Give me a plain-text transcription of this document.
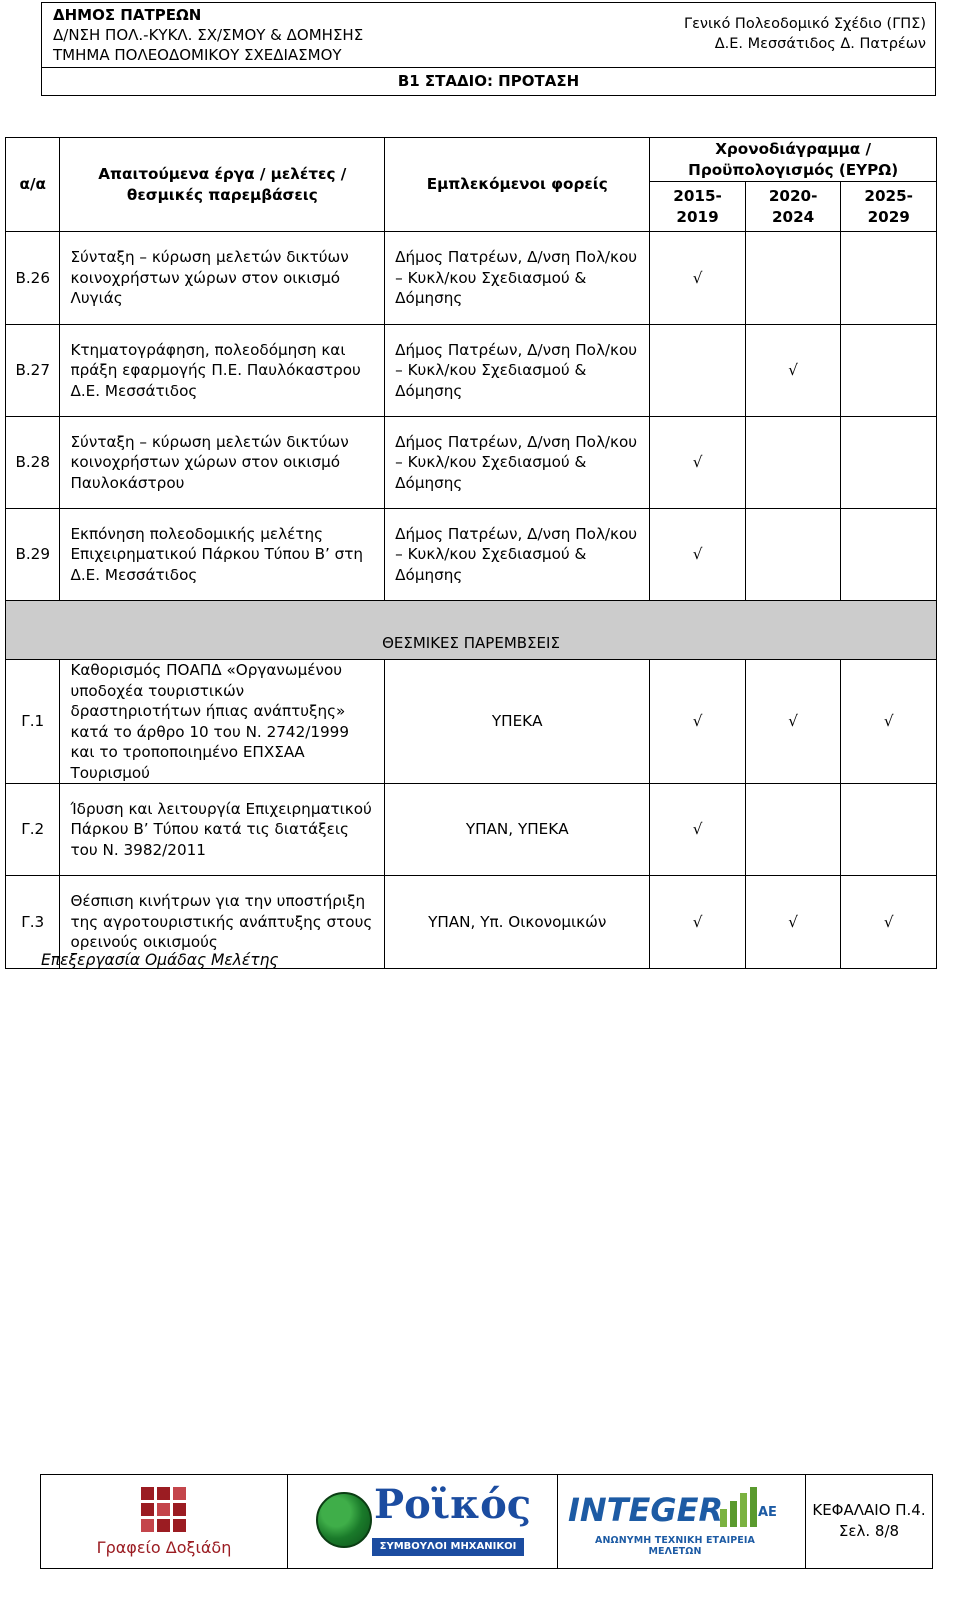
ΔΗΜΟΣ ΠΑΤΡΕΩΝ
Δ/ΝΣΗ ΠΟΛ.-ΚΥΚΛ. ΣΧ/ΣΜΟΥ & ΔΟΜΗΣΗΣ
ΤΜΗΜΑ ΠΟΛΕΟΔΟΜΙΚΟΥ ΣΧΕΔΙΑΣΜΟΥ
Γενικό Πολεοδομικό Σχέδιο (ΓΠΣ)
Δ.Ε. Μεσσάτιδος Δ. Πατρέων
Β1 ΣΤΑΔΙΟ: ΠΡΟΤΑΣΗ
α/α	Απαιτούμενα έργα / μελέτες / θεσμικές παρεμβάσεις	Εμπλεκόμενοι φορείς	Χρονοδιάγραμμα / Προϋπολογισμός (ΕΥΡΩ)		
			2015-2019	2020-2024	2025-2029
Β.26	Σύνταξη – κύρωση μελετών δικτύων κοινοχρήστων χώρων στον οικισμό Λυγιάς	Δήμος Πατρέων, Δ/νση Πολ/κου – Κυκλ/κου Σχεδιασμού & Δόμησης	√		
Β.27	Κτηματογράφηση, πολεοδόμηση και πράξη εφαρμογής Π.Ε. Παυλόκαστρου Δ.Ε. Μεσσάτιδος	Δήμος Πατρέων, Δ/νση Πολ/κου – Κυκλ/κου Σχεδιασμού & Δόμησης		√	
Β.28	Σύνταξη – κύρωση μελετών δικτύων κοινοχρήστων χώρων στον οικισμό Παυλοκάστρου	Δήμος Πατρέων, Δ/νση Πολ/κου – Κυκλ/κου Σχεδιασμού & Δόμησης	√		
Β.29	Εκπόνηση πολεοδομικής μελέτης Επιχειρηματικού Πάρκου Τύπου Β’ στη Δ.Ε. Μεσσάτιδος	Δήμος Πατρέων, Δ/νση Πολ/κου – Κυκλ/κου Σχεδιασμού & Δόμησης	√		
ΘΕΣΜΙΚΕΣ ΠΑΡΕΜΒΣΕΙΣ					
Γ.1	Καθορισμός ΠΟΑΠΔ «Οργανωμένου υποδοχέα τουριστικών δραστηριοτήτων ήπιας ανάπτυξης» κατά το άρθρο 10 του Ν. 2742/1999 και το τροποποιημένο ΕΠΧΣΑΑ Τουρισμού	ΥΠΕΚΑ	√	√	√
Γ.2	Ίδρυση και λειτουργία Επιχειρηματικού Πάρκου Β’ Τύπου κατά τις διατάξεις του Ν. 3982/2011	ΥΠΑΝ, ΥΠΕΚΑ	√		
Γ.3	Θέσπιση κινήτρων για την υποστήριξη της αγροτουριστικής ανάπτυξης στους ορεινούς οικισμούς	ΥΠΑΝ, Υπ. Οικονομικών	√	√	√
Επεξεργασία Ομάδας Μελέτης
Γραφείο Δοξιάδη
Ροϊκός
ΣΥΜΒΟΥΛΟΙ ΜΗΧΑΝΙΚΟΙ Α.Ε.
INTEGER	ΑΕ
ΑΝΩΝΥΜΗ ΤΕΧΝΙΚΗ ΕΤΑΙΡΕΙΑ ΜΕΛΕΤΩΝ
ΚΕΦΑΛΑΙΟ Π.4.
Σελ. 8/8
